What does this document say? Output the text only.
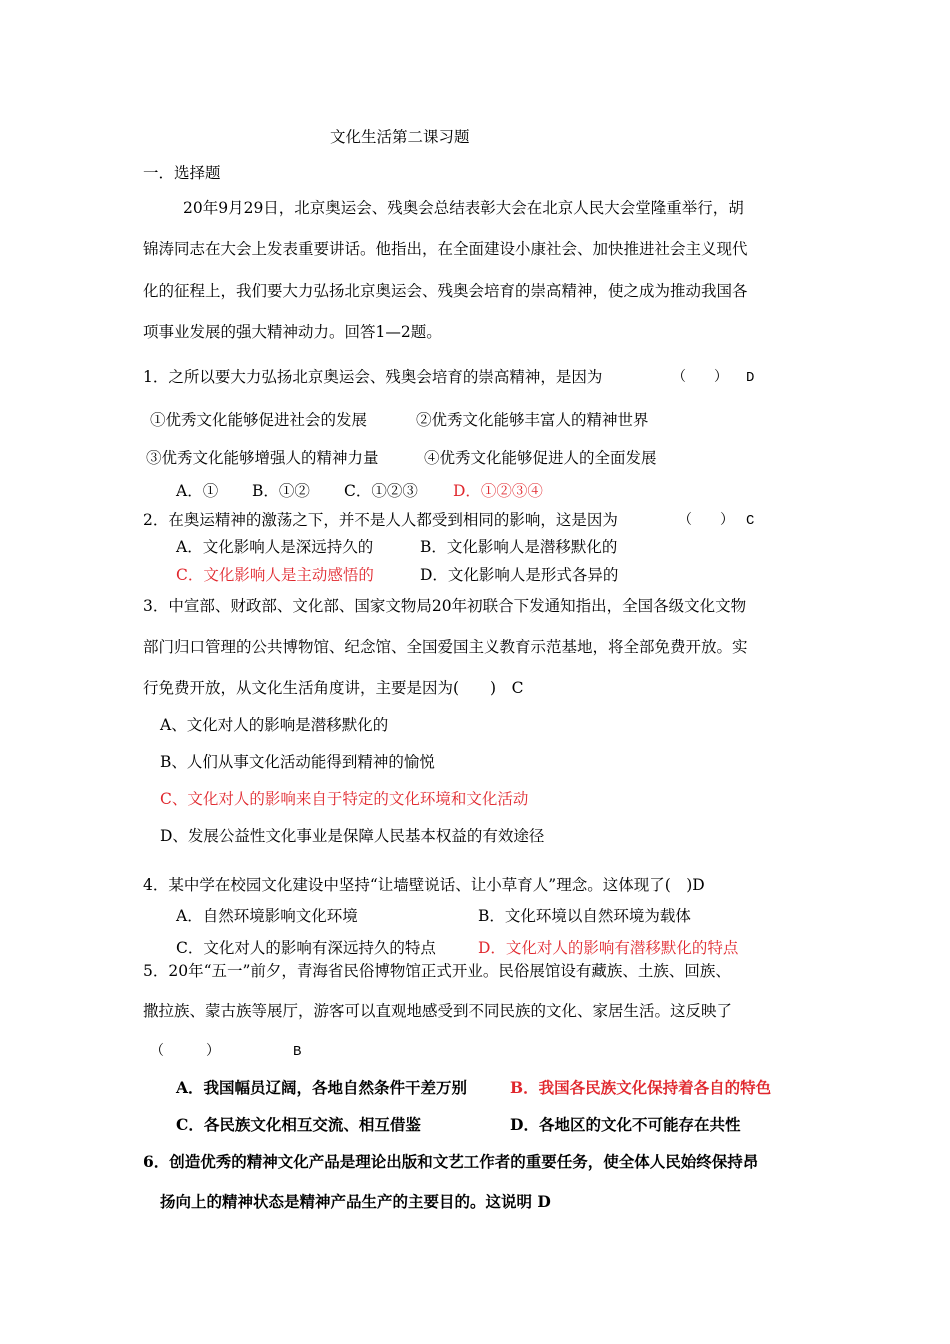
文化生活第二课习题
一．选择题
20年9月29日，北京奥运会、残奥会总结表彰大会在北京人民大会堂隆重举行，胡
锦涛同志在大会上发表重要讲话。他指出，在全面建设小康社会、加快推进社会主义现代
化的征程上，我们要大力弘扬北京奥运会、残奥会培育的崇高精神，使之成为推动我国各
项事业发展的强大精神动力。回答1—2题。
1．之所以要大力弘扬北京奥运会、残奥会培育的崇高精神，是因为	（　　） D
①优秀文化能够促进社会的发展	②优秀文化能够丰富人的精神世界
③优秀文化能够增强人的精神力量	④优秀文化能够促进人的全面发展
A．① B．①② C．①②③ D．①②③④
2．在奥运精神的激荡之下，并不是人人都受到相同的影响，这是因为	（　　） C
A．文化影响人是深远持久的	B．文化影响人是潜移默化的
C．文化影响人是主动感悟的	D．文化影响人是形式各异的
3．中宣部、财政部、文化部、国家文物局20年初联合下发通知指出，全国各级文化文物
部门归口管理的公共博物馆、纪念馆、全国爱国主义教育示范基地，将全部免费开放。实
行免费开放，从文化生活角度讲，主要是因为(　　)　C
A、文化对人的影响是潜移默化的
B、人们从事文化活动能得到精神的愉悦
C、文化对人的影响来自于特定的文化环境和文化活动
D、发展公益性文化事业是保障人民基本权益的有效途径
4．某中学在校园文化建设中坚持“让墙壁说话、让小草育人”理念。这体现了(　)D
A．自然环境影响文化环境	B．文化环境以自然环境为载体
C．文化对人的影响有深远持久的特点	D．文化对人的影响有潜移默化的特点
5．20年“五一”前夕，青海省民俗博物馆正式开业。民俗展馆设有藏族、土族、回族、
撒拉族、蒙古族等展厅，游客可以直观地感受到不同民族的文化、家居生活。这反映了
（　　　）	B
A．我国幅员辽阔，各地自然条件干差万别	B．我国各民族文化保持着各自的特色
C．各民族文化相互交流、相互借鉴	D．各地区的文化不可能存在共性
6．创造优秀的精神文化产品是理论出版和文艺工作者的重要任务，使全体人民始终保持昂
扬向上的精神状态是精神产品生产的主要目的。这说明 D
